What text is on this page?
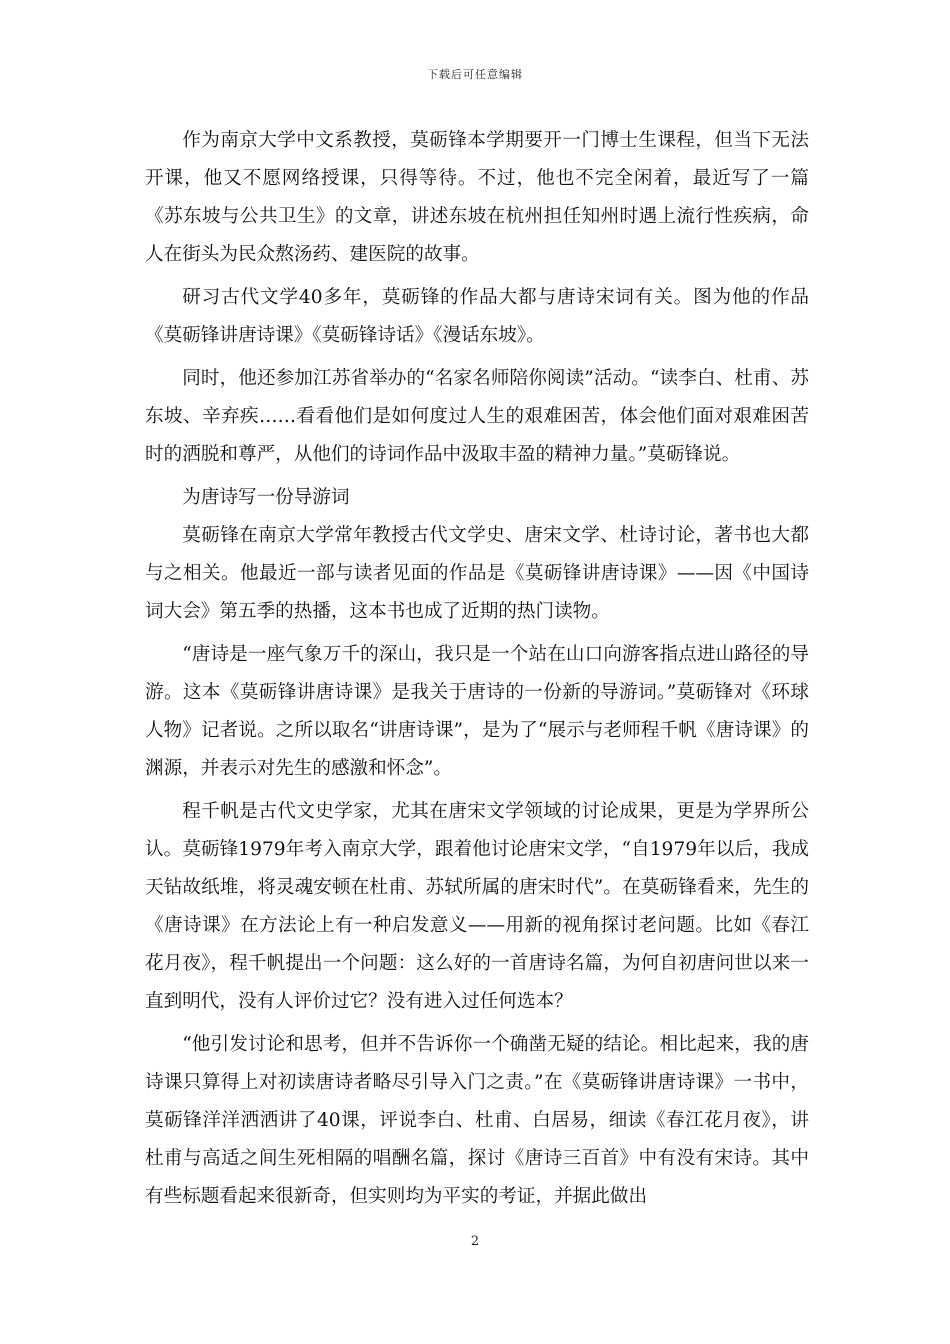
下载后可任意编辑

作为南京大学中文系教授，莫砺锋本学期要开一门博士生课程，但当下无法开课，他又不愿网络授课，只得等待。不过，他也不完全闲着，最近写了一篇《苏东坡与公共卫生》的文章，讲述东坡在杭州担任知州时遇上流行性疾病，命人在街头为民众熬汤药、建医院的故事。

研习古代文学40多年，莫砺锋的作品大都与唐诗宋词有关。图为他的作品《莫砺锋讲唐诗课》《莫砺锋诗话》《漫话东坡》。

同时，他还参加江苏省举办的“名家名师陪你阅读”活动。“读李白、杜甫、苏东坡、辛弃疾……看看他们是如何度过人生的艰难困苦，体会他们面对艰难困苦时的洒脱和尊严，从他们的诗词作品中汲取丰盈的精神力量。”莫砺锋说。

为唐诗写一份导游词

莫砺锋在南京大学常年教授古代文学史、唐宋文学、杜诗讨论，著书也大都与之相关。他最近一部与读者见面的作品是《莫砺锋讲唐诗课》——因《中国诗词大会》第五季的热播，这本书也成了近期的热门读物。

“唐诗是一座气象万千的深山，我只是一个站在山口向游客指点进山路径的导游。这本《莫砺锋讲唐诗课》是我关于唐诗的一份新的导游词。”莫砺锋对《环球人物》记者说。之所以取名“讲唐诗课”，是为了“展示与老师程千帆《唐诗课》的渊源，并表示对先生的感激和怀念”。

程千帆是古代文史学家，尤其在唐宋文学领域的讨论成果，更是为学界所公认。莫砺锋1979年考入南京大学，跟着他讨论唐宋文学，“自1979年以后，我成天钻故纸堆，将灵魂安顿在杜甫、苏轼所属的唐宋时代”。在莫砺锋看来，先生的《唐诗课》在方法论上有一种启发意义——用新的视角探讨老问题。比如《春江花月夜》，程千帆提出一个问题：这么好的一首唐诗名篇，为何自初唐问世以来一直到明代，没有人评价过它？没有进入过任何选本？

“他引发讨论和思考，但并不告诉你一个确凿无疑的结论。相比起来，我的唐诗课只算得上对初读唐诗者略尽引导入门之责。”在《莫砺锋讲唐诗课》一书中，莫砺锋洋洋洒洒讲了40课，评说李白、杜甫、白居易，细读《春江花月夜》，讲杜甫与高适之间生死相隔的唱酬名篇，探讨《唐诗三百首》中有没有宋诗。其中有些标题看起来很新奇，但实则均为平实的考证，并据此做出

2
